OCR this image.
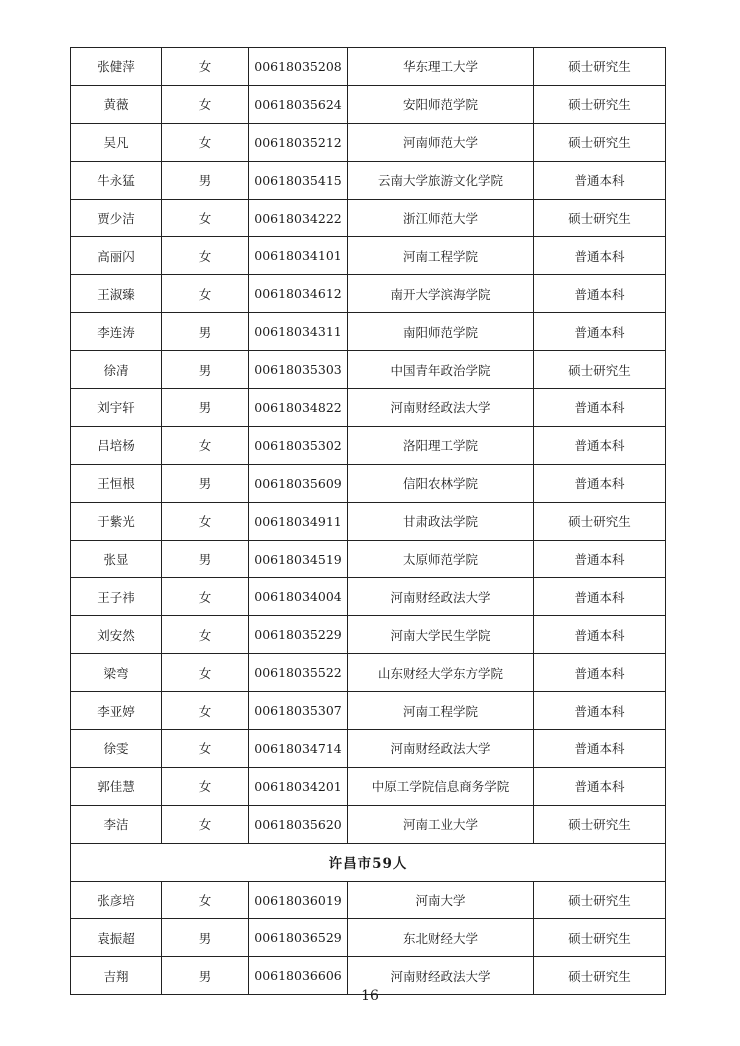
张健萍	女	00618035208	华东理工大学	硕士研究生
黄薇	女	00618035624	安阳师范学院	硕士研究生
吴凡	女	00618035212	河南师范大学	硕士研究生
牛永猛	男	00618035415	云南大学旅游文化学院	普通本科
贾少洁	女	00618034222	浙江师范大学	硕士研究生
高丽闪	女	00618034101	河南工程学院	普通本科
王淑臻	女	00618034612	南开大学滨海学院	普通本科
李连涛	男	00618034311	南阳师范学院	普通本科
徐凊	男	00618035303	中国青年政治学院	硕士研究生
刘宇轩	男	00618034822	河南财经政法大学	普通本科
吕培杨	女	00618035302	洛阳理工学院	普通本科
王恒根	男	00618035609	信阳农林学院	普通本科
于紫光	女	00618034911	甘肃政法学院	硕士研究生
张显	男	00618034519	太原师范学院	普通本科
王子祎	女	00618034004	河南财经政法大学	普通本科
刘安然	女	00618035229	河南大学民生学院	普通本科
梁弯	女	00618035522	山东财经大学东方学院	普通本科
李亚婷	女	00618035307	河南工程学院	普通本科
徐雯	女	00618034714	河南财经政法大学	普通本科
郭佳慧	女	00618034201	中原工学院信息商务学院	普通本科
李洁	女	00618035620	河南工业大学	硕士研究生
许昌市59人				
张彦培	女	00618036019	河南大学	硕士研究生
袁振超	男	00618036529	东北财经大学	硕士研究生
吉翔	男	00618036606	河南财经政法大学	硕士研究生
16
